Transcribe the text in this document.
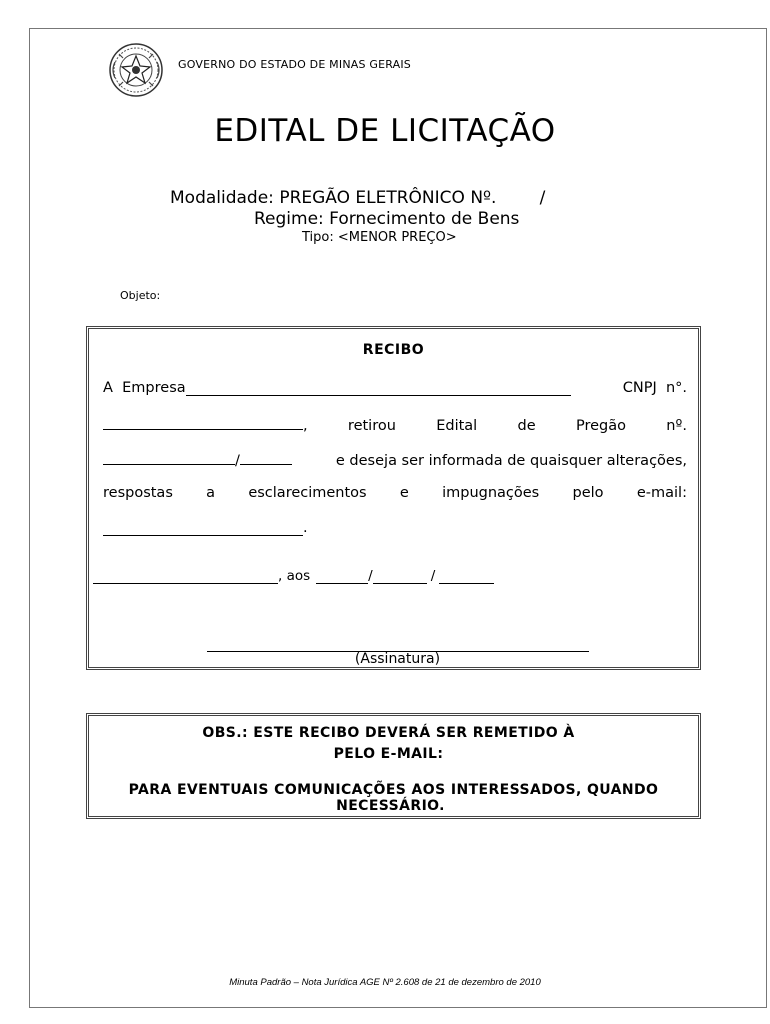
GOVERNO DO ESTADO DE MINAS GERAIS
EDITAL DE LICITAÇÃO
Modalidade: PREGÃO ELETRÔNICO Nº.        /
Regime: Fornecimento de Bens
Tipo: <MENOR PREÇO>
Objeto:
RECIBO
A  Empresa	CNPJ  n°.
,	retirou	Edital	de	Pregão	nº.
/	e deseja ser informada de quaisquer alterações,
respostas a esclarecimentos e impugnações pelo e-mail:
.
, aos	/	/
(Assinatura)
OBS.: ESTE RECIBO DEVERÁ SER REMETIDO À
PELO E-MAIL:
PARA EVENTUAIS COMUNICAÇÕES AOS INTERESSADOS, QUANDO
NECESSÁRIO.
Minuta Padrão – Nota Jurídica AGE Nº 2.608 de 21 de dezembro de 2010
